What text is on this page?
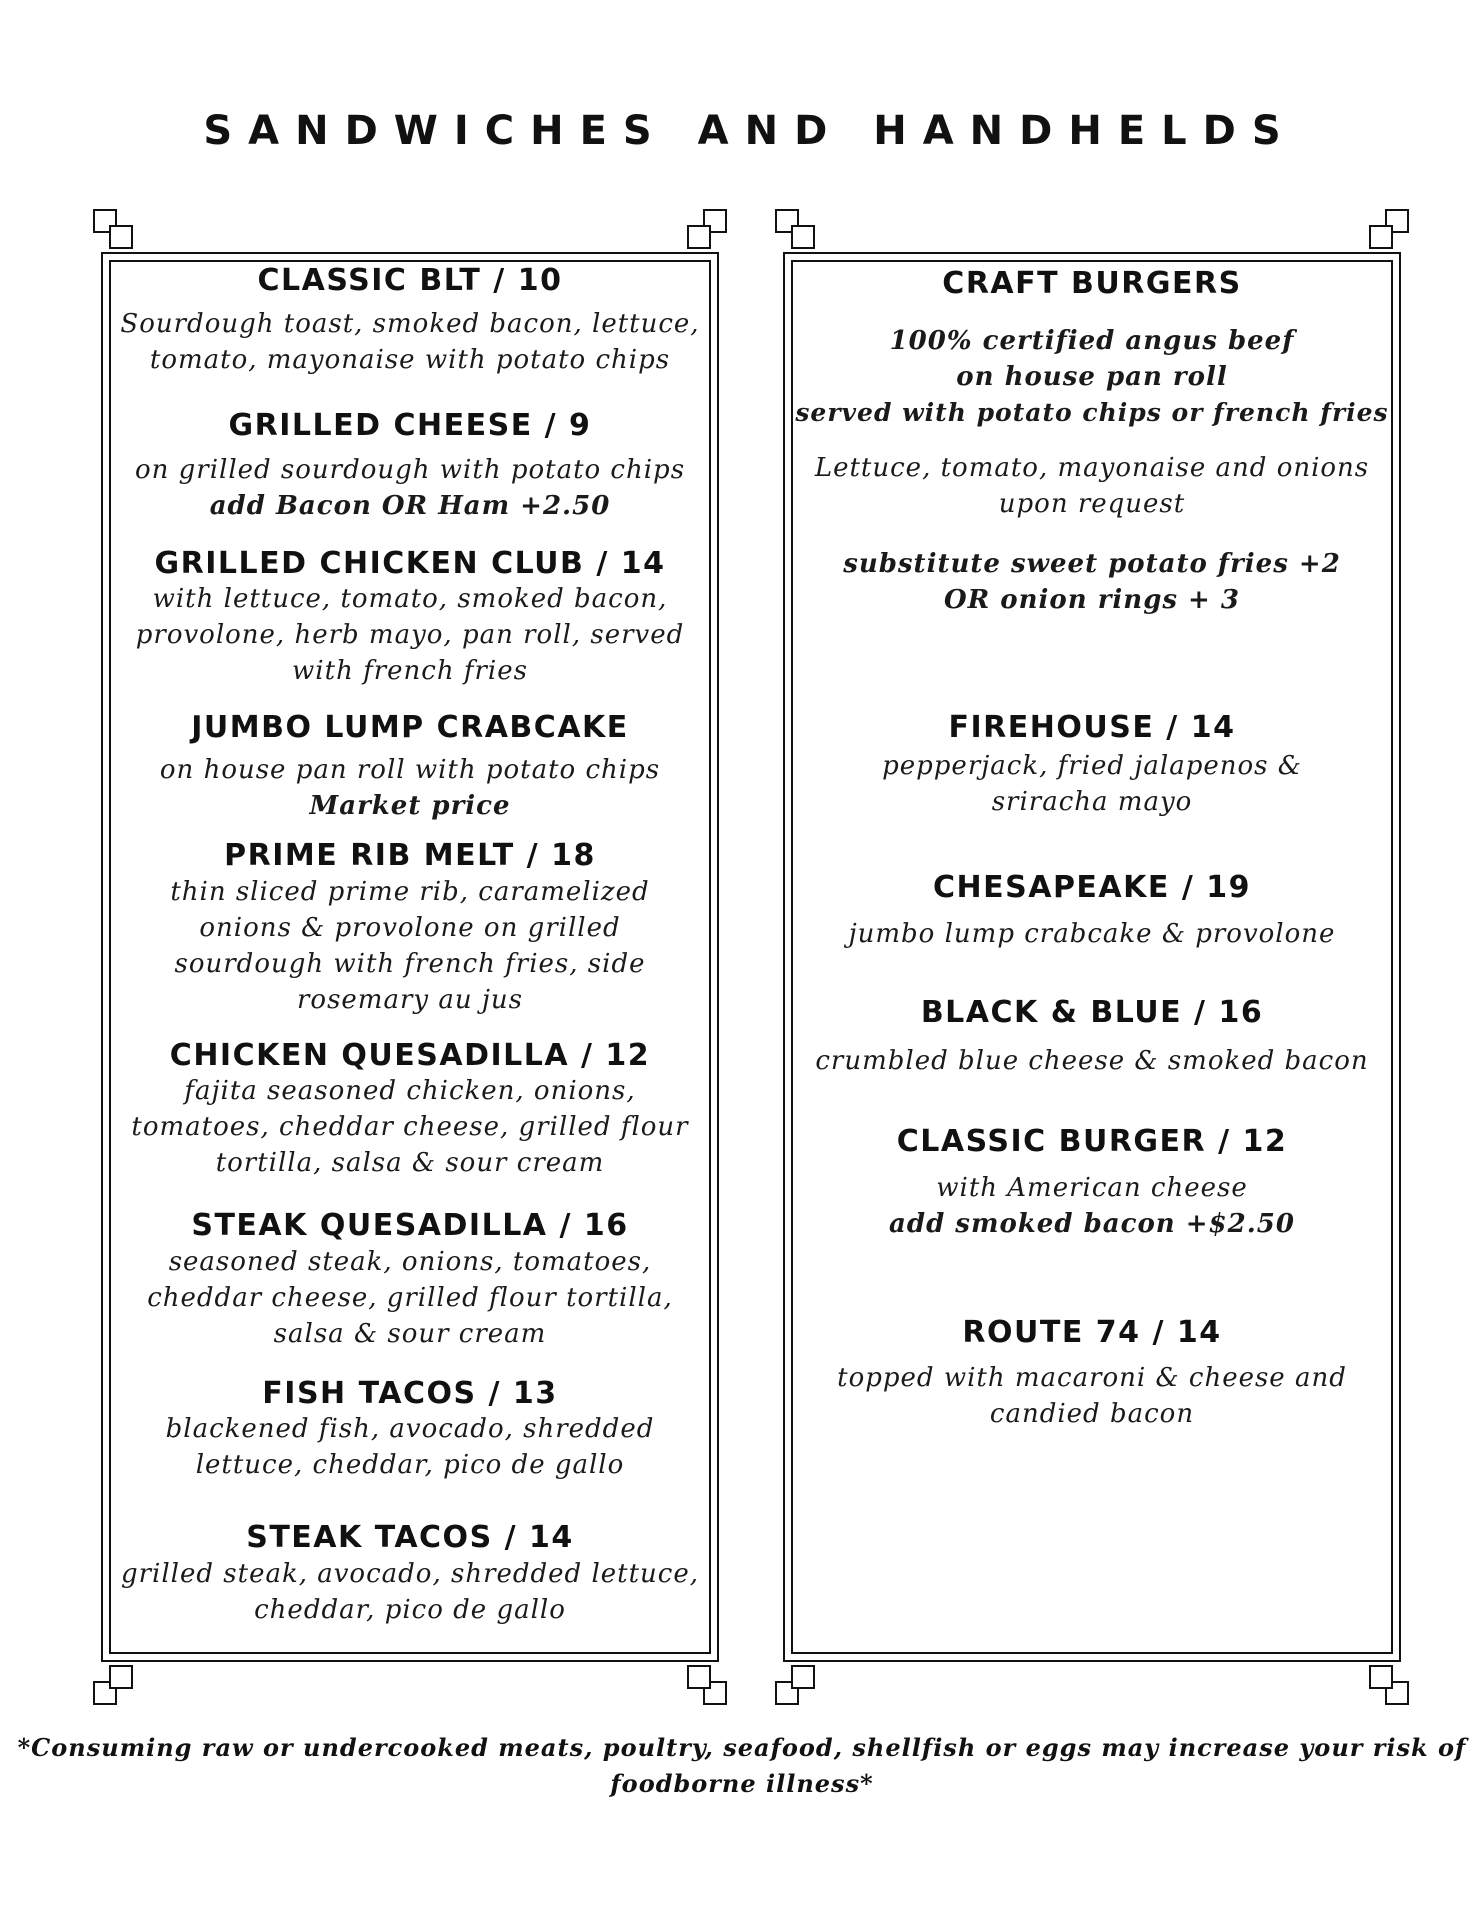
SANDWICHES AND HANDHELDS
CLASSIC BLT / 10
Sourdough toast, smoked bacon, lettuce,
tomato, mayonaise with potato chips
GRILLED CHEESE / 9
on grilled sourdough with potato chips
add Bacon OR Ham +2.50
GRILLED CHICKEN CLUB / 14
with lettuce, tomato, smoked bacon,
provolone, herb mayo, pan roll, served
with french fries
JUMBO LUMP CRABCAKE
on house pan roll with potato chips
Market price
PRIME RIB MELT / 18
thin sliced prime rib, caramelized
onions & provolone on grilled
sourdough with french fries, side
rosemary au jus
CHICKEN QUESADILLA / 12
fajita seasoned chicken, onions,
tomatoes, cheddar cheese, grilled flour
tortilla, salsa & sour cream
STEAK QUESADILLA / 16
seasoned steak, onions, tomatoes,
cheddar cheese, grilled flour tortilla,
salsa & sour cream
FISH TACOS / 13
blackened fish, avocado, shredded
lettuce, cheddar, pico de gallo
STEAK TACOS / 14
grilled steak, avocado, shredded lettuce,
cheddar, pico de gallo
CRAFT BURGERS
100% certified angus beef
on house pan roll
served with potato chips or french fries
Lettuce, tomato, mayonaise and onions
upon request
substitute sweet potato fries +2
OR onion rings + 3
FIREHOUSE / 14
pepperjack, fried jalapenos &
sriracha mayo
CHESAPEAKE / 19
jumbo lump crabcake & provolone
BLACK & BLUE / 16
crumbled blue cheese & smoked bacon
CLASSIC BURGER / 12
with American cheese
add smoked bacon +$2.50
ROUTE 74 / 14
topped with macaroni & cheese and
candied bacon
*Consuming raw or undercooked meats, poultry, seafood, shellfish or eggs may increase your risk of
foodborne illness*
